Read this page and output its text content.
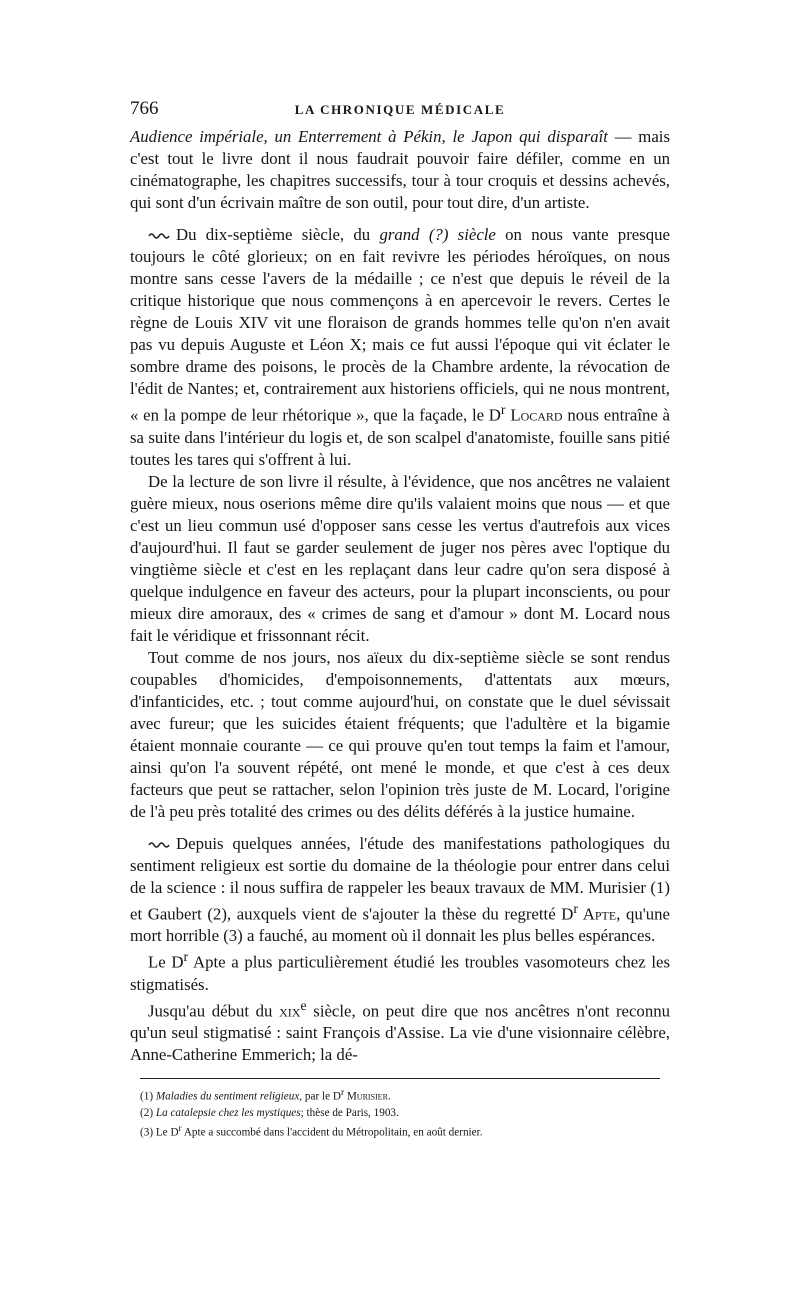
766	LA CHRONIQUE MÉDICALE

Audience impériale, un Enterrement à Pékin, le Japon qui disparaît — mais c'est tout le livre dont il nous faudrait pouvoir faire défiler, comme en un cinématographe, les chapitres successifs, tour à tour croquis et dessins achevés, qui sont d'un écrivain maître de son outil, pour tout dire, d'un artiste.

Du dix-septième siècle, du grand (?) siècle on nous vante presque toujours le côté glorieux; on en fait revivre les périodes héroïques, on nous montre sans cesse l'avers de la médaille ; ce n'est que depuis le réveil de la critique historique que nous commençons à en apercevoir le revers. Certes le règne de Louis XIV vit une floraison de grands hommes telle qu'on n'en avait pas vu depuis Auguste et Léon X; mais ce fut aussi l'époque qui vit éclater le sombre drame des poisons, le procès de la Chambre ardente, la révocation de l'édit de Nantes; et, contrairement aux historiens officiels, qui ne nous montrent, « en la pompe de leur rhétorique », que la façade, le $D^r$ Locard nous entraîne à sa suite dans l'intérieur du logis et, de son scalpel d'anatomiste, fouille sans pitié toutes les tares qui s'offrent à lui.

De la lecture de son livre il résulte, à l'évidence, que nos ancêtres ne valaient guère mieux, nous oserions même dire qu'ils valaient moins que nous — et que c'est un lieu commun usé d'opposer sans cesse les vertus d'autrefois aux vices d'aujourd'hui. Il faut se garder seulement de juger nos pères avec l'optique du vingtième siècle et c'est en les replaçant dans leur cadre qu'on sera disposé à quelque indulgence en faveur des acteurs, pour la plupart inconscients, ou pour mieux dire amoraux, des « crimes de sang et d'amour » dont M. Locard nous fait le véridique et frissonnant récit.

Tout comme de nos jours, nos aïeux du dix-septième siècle se sont rendus coupables d'homicides, d'empoisonnements, d'attentats aux mœurs, d'infanticides, etc. ; tout comme aujourd'hui, on constate que le duel sévissait avec fureur; que les suicides étaient fréquents; que l'adultère et la bigamie étaient monnaie courante — ce qui prouve qu'en tout temps la faim et l'amour, ainsi qu'on l'a souvent répété, ont mené le monde, et que c'est à ces deux facteurs que peut se rattacher, selon l'opinion très juste de M. Locard, l'origine de l'à peu près totalité des crimes ou des délits déférés à la justice humaine.

Depuis quelques années, l'étude des manifestations pathologiques du sentiment religieux est sortie du domaine de la théologie pour entrer dans celui de la science : il nous suffira de rappeler les beaux travaux de MM. Murisier (1) et Gaubert (2), auxquels vient de s'ajouter la thèse du regretté $D^r$ Apte, qu'une mort horrible (3) a fauché, au moment où il donnait les plus belles espérances.

Le $D^r$ Apte a plus particulièrement étudié les troubles vasomoteurs chez les stigmatisés.

Jusqu'au début du xix$^e$ siècle, on peut dire que nos ancêtres n'ont reconnu qu'un seul stigmatisé : saint François d'Assise. La vie d'une visionnaire célèbre, Anne-Catherine Emmerich; la dé-

(1) Maladies du sentiment religieux, par le $D^r$ Murisier.
(2) La catalepsie chez les mystiques; thèse de Paris, 1903.
(3) Le $D^r$ Apte a succombé dans l'accident du Métropolitain, en août dernier.
